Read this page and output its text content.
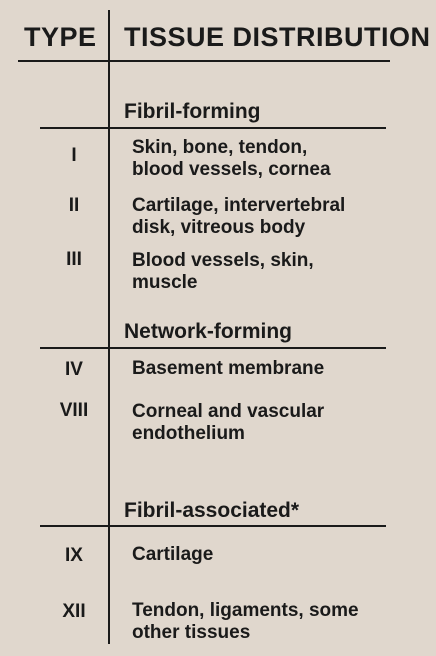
TYPE TISSUE DISTRIBUTION
Fibril-forming
I	Skin, bone, tendon,
blood vessels, cornea
II	Cartilage, intervertebral
disk, vitreous body
III	Blood vessels, skin,
muscle
Network-forming
IV	Basement membrane
VIII	Corneal and vascular
endothelium
Fibril-associated*
IX	Cartilage
XII	Tendon, ligaments, some
other tissues
